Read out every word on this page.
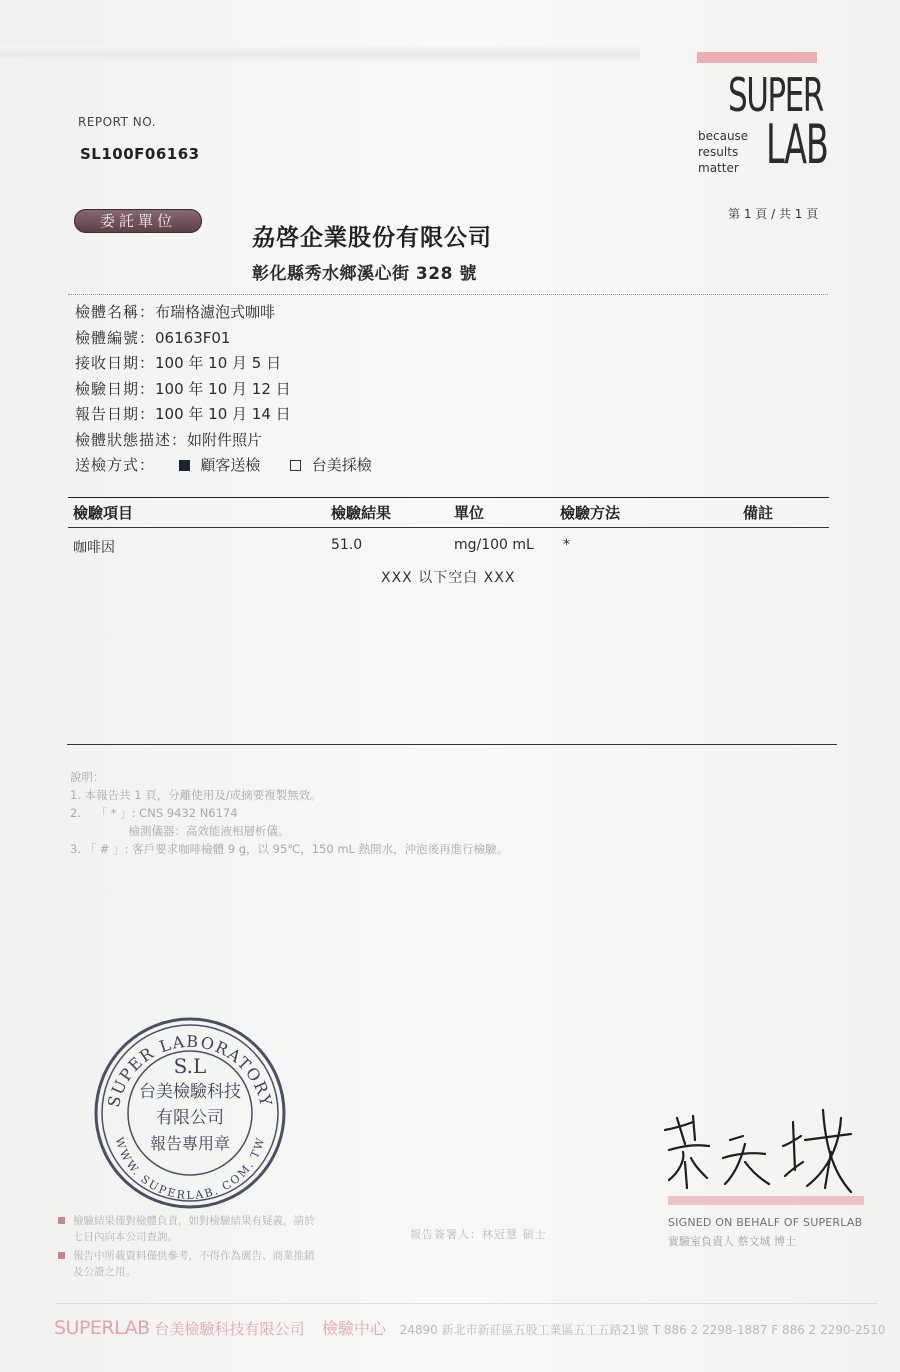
REPORT NO.
SL100F06163
SUPER
because
results
matter LAB
第 1 頁 / 共 1 頁
委託單位
劦啓企業股份有限公司
彰化縣秀水鄉溪心街 328 號
檢體名稱：布瑞格濾泡式咖啡
檢體編號：06163F01
接收日期：100 年 10 月 5 日
檢驗日期：100 年 10 月 12 日
報告日期：100 年 10 月 14 日
檢體狀態描述：如附件照片
送檢方式：	顧客送檢	台美採檢
檢驗項目	檢驗結果	單位	檢驗方法	備註
咖啡因	51.0	mg/100 mL *
XXX 以下空白 XXX
說明：
1. 本報告共 1 頁，分離使用及/或摘要複製無效。
2.    「 * 」: CNS 9432 N6174
檢測儀器：高效能液相層析儀。
3. 「 # 」: 客戶要求咖啡檢體 9 g，以 95℃，150 mL 熱開水，沖泡後再進行檢驗。
SUPER LABORATORY
WWW. SUPERLAB. COM. TW
S.L
台美檢驗科技
有限公司
報告專用章
SIGNED ON BEHALF OF SUPERLAB
實驗室負責人 蔡文城 博士
報告簽署人：林冠慧 碩士
檢驗結果僅對檢體負責，如對檢驗結果有疑義，請於七日內向本公司查詢。
報告中所載資料僅供參考，不得作為廣告、商業推銷及公證之用。
SUPERLAB 台美檢驗科技有限公司 檢驗中心 24890 新北市新莊區五股工業區五工五路21號 T 886 2 2298-1887 F 886 2 2290-2510
